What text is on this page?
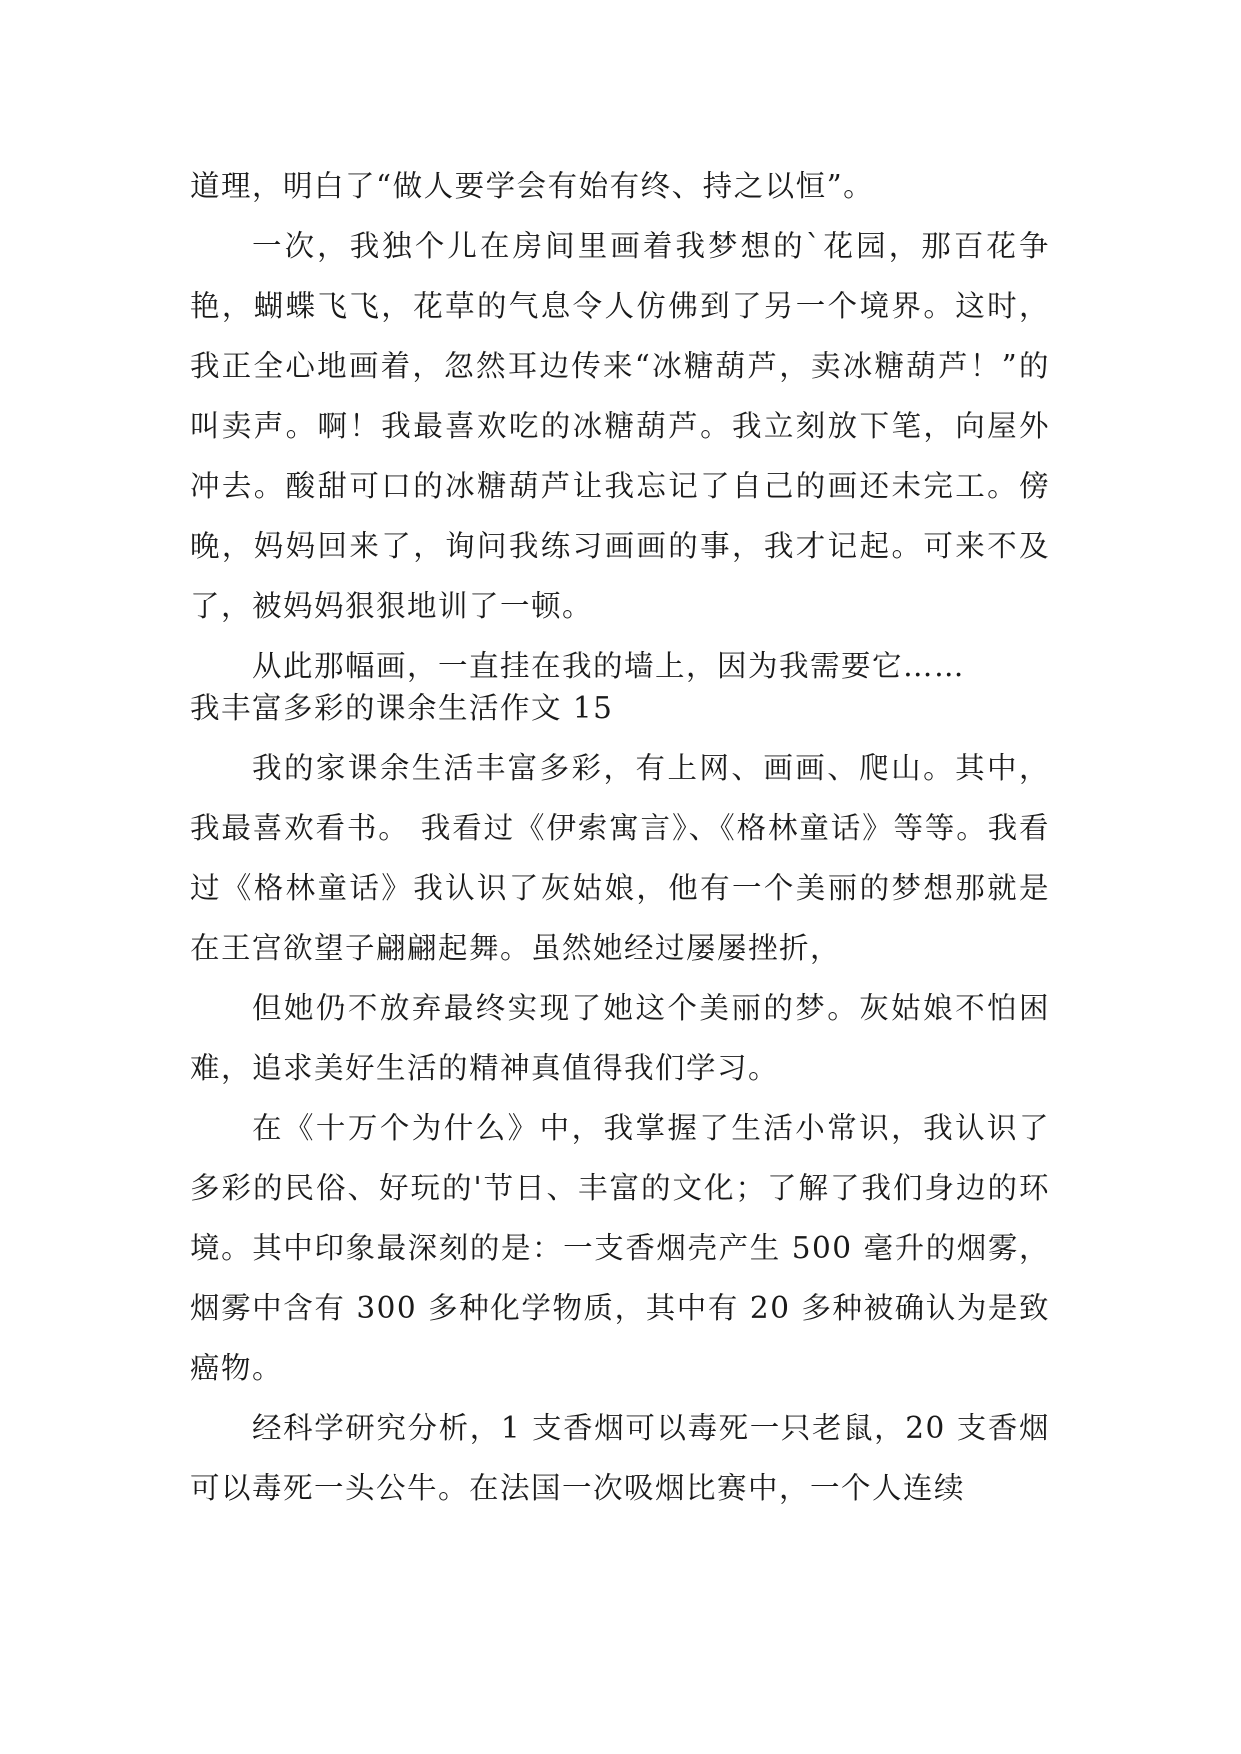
道理，明白了“做人要学会有始有终、持之以恒”。

一次，我独个儿在房间里画着我梦想的`花园，那百花争艳，蝴蝶飞飞，花草的气息令人仿佛到了另一个境界。这时，我正全心地画着，忽然耳边传来“冰糖葫芦，卖冰糖葫芦！”的叫卖声。啊！我最喜欢吃的冰糖葫芦。我立刻放下笔，向屋外冲去。酸甜可口的冰糖葫芦让我忘记了自己的画还未完工。傍晚，妈妈回来了，询问我练习画画的事，我才记起。可来不及了，被妈妈狠狠地训了一顿。

从此那幅画，一直挂在我的墙上，因为我需要它……

我丰富多彩的课余生活作文 15

我的家课余生活丰富多彩，有上网、画画、爬山。其中，我最喜欢看书。 我看过《伊索寓言》、《格林童话》等等。我看过《格林童话》我认识了灰姑娘，他有一个美丽的梦想那就是在王宫欲望子翩翩起舞。虽然她经过屡屡挫折，

但她仍不放弃最终实现了她这个美丽的梦。灰姑娘不怕困难，追求美好生活的精神真值得我们学习。

在《十万个为什么》中，我掌握了生活小常识，我认识了多彩的民俗、好玩的'节日、丰富的文化；了解了我们身边的环境。其中印象最深刻的是：一支香烟壳产生 500 毫升的烟雾，烟雾中含有 300 多种化学物质，其中有 20 多种被确认为是致癌物。

经科学研究分析，1 支香烟可以毒死一只老鼠，20 支香烟可以毒死一头公牛。在法国一次吸烟比赛中，一个人连续
